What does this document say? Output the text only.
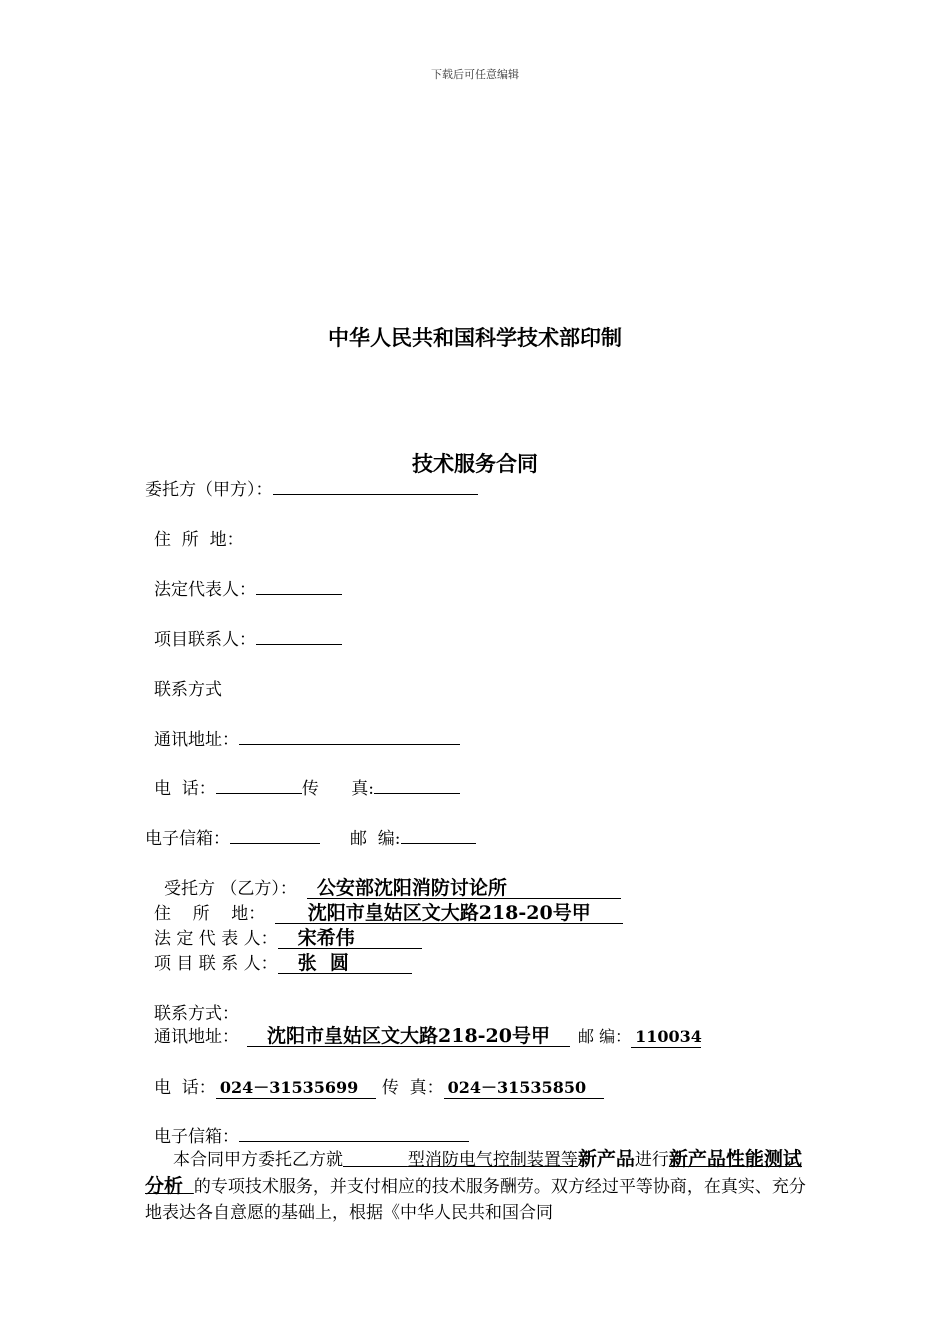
下载后可任意编辑
中华人民共和国科学技术部印制
技术服务合同
委托方（甲方）：
住  所  地：
法定代表人：
项目联系人：
联系方式
通讯地址：
电  话：	传      真:
电子信箱：	邮  编:
受托方 （乙方）： 公安部沈阳消防讨论所
住    所    地： 沈阳市皇姑区文大路218-20号甲
法 定 代 表 人： 宋希伟
项 目 联 系 人： 张  圆
联系方式：
通讯地址： 沈阳市皇姑区文大路218-20号甲 邮 编： 110034
电  话： 024－31535699 传  真： 024－31535850
电子信箱：
本合同甲方委托乙方就      	型消防电气控制装置等新产品进行新产品性能测试分析  的专项技术服务，并支付相应的技术服务酬劳。双方经过平等协商，在真实、充分地表达各自意愿的基础上，根据《中华人民共和国合同
